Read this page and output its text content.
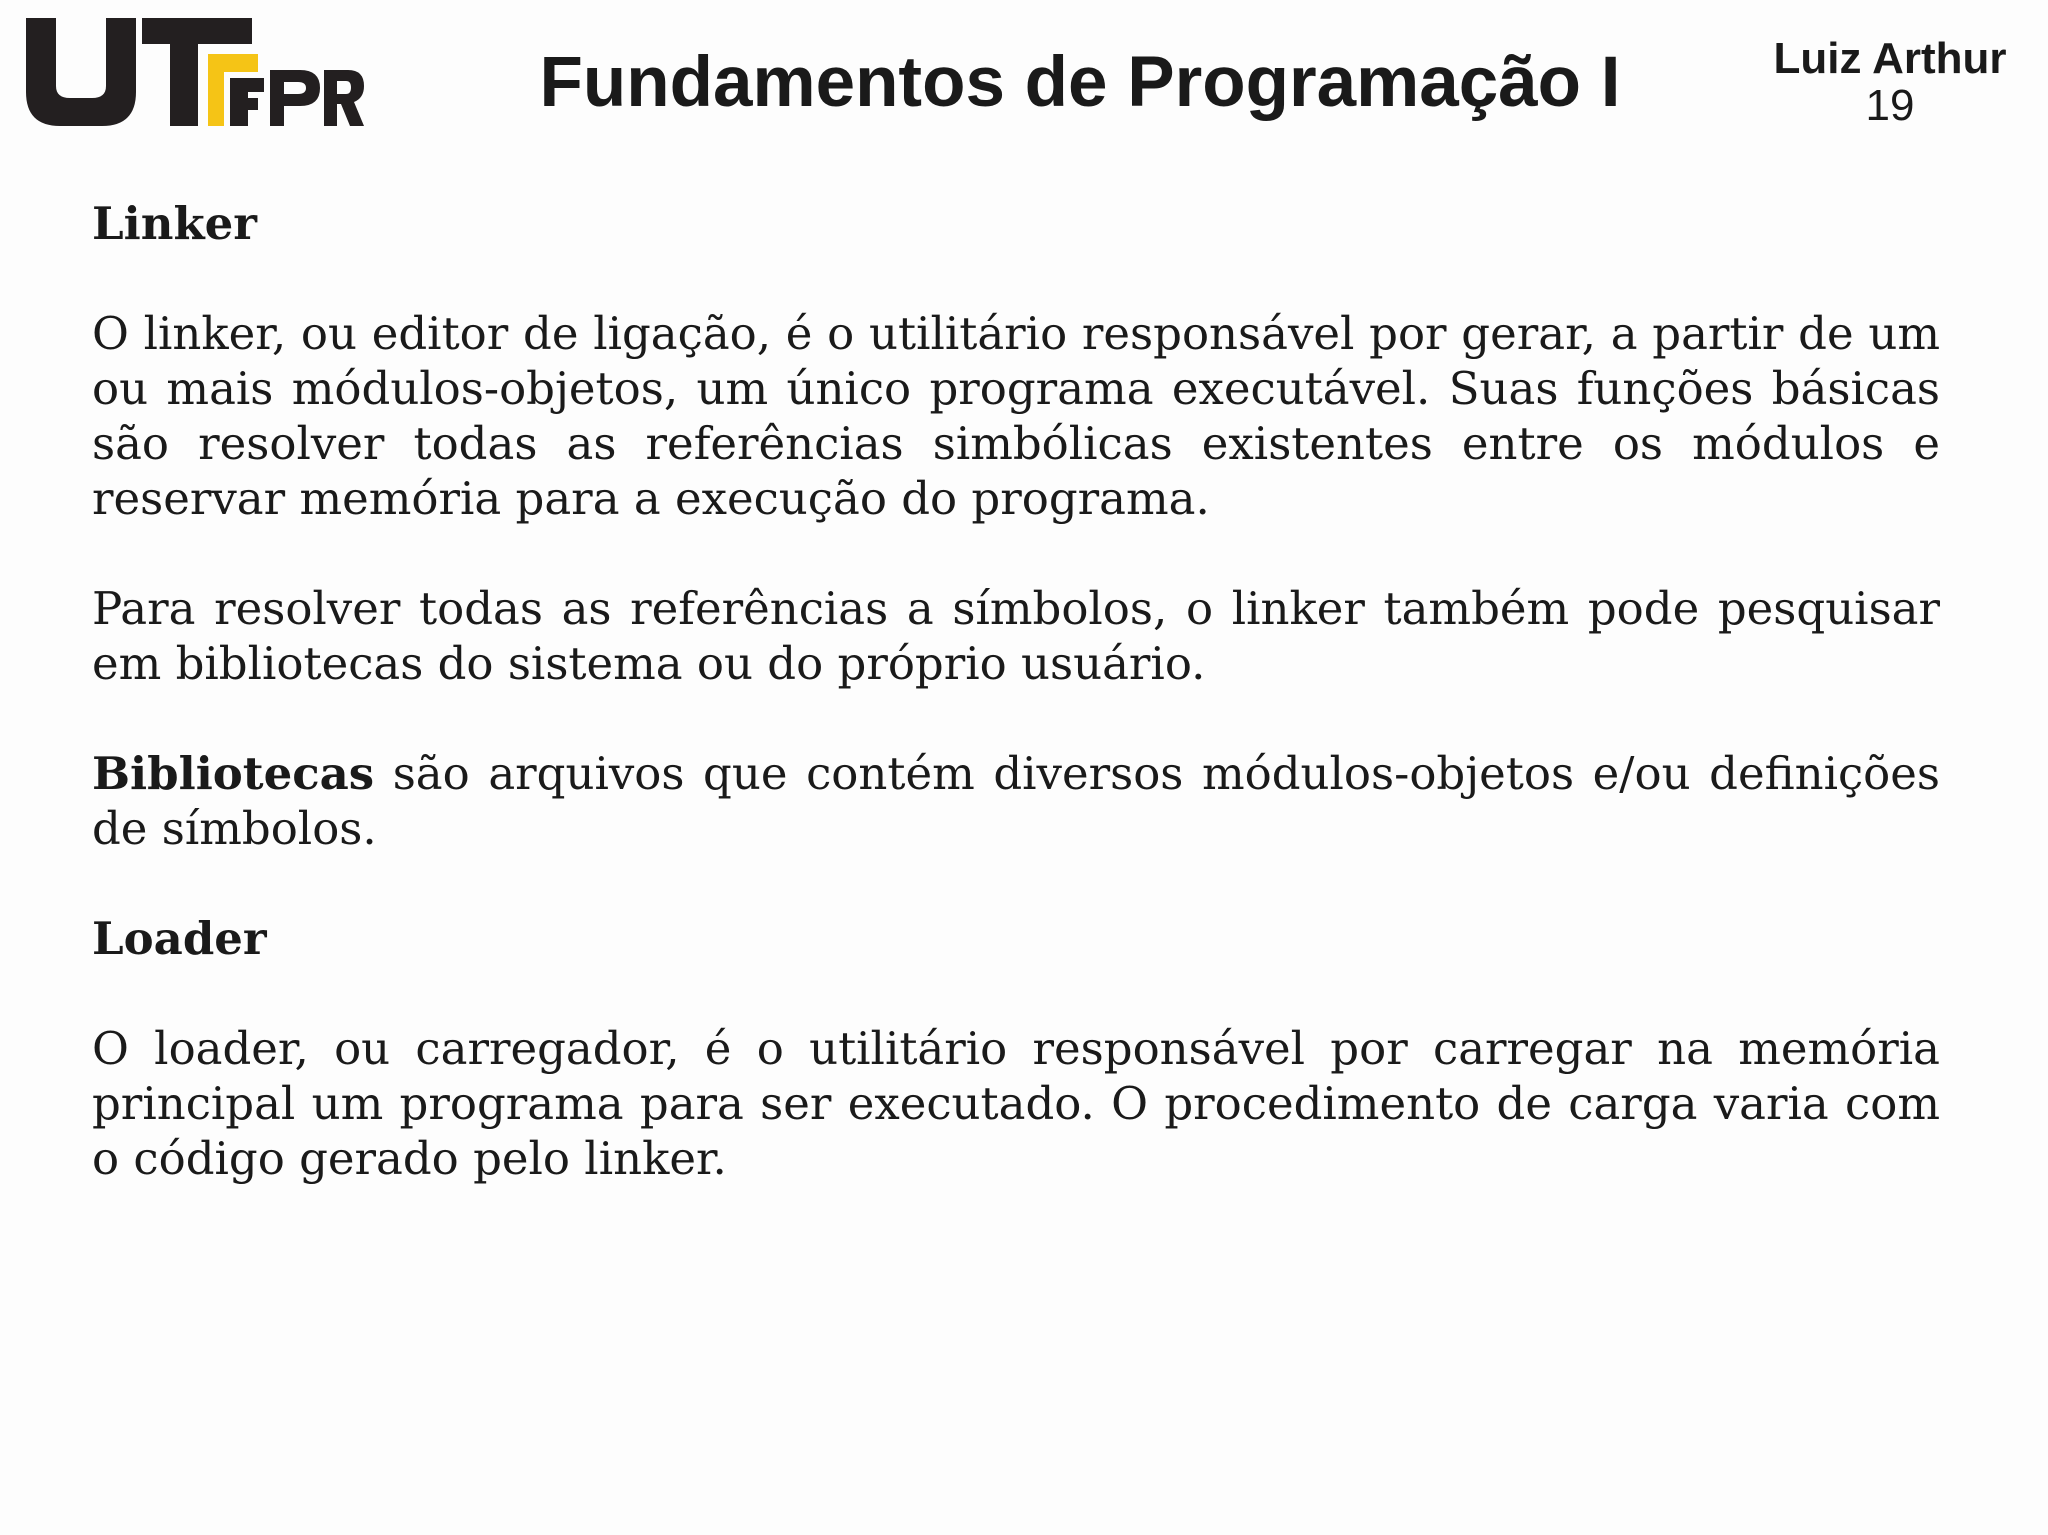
Fundamentos de Programação I	Luiz Arthur
19
Linker

O linker, ou editor de ligação, é o utilitário responsável por gerar, a partir de um ou mais módulos-objetos, um único programa executável. Suas funções básicas são resolver todas as referências simbólicas existentes entre os módulos e reservar memória para a execução do programa.

Para resolver todas as referências a símbolos, o linker também pode pesquisar em bibliotecas do sistema ou do próprio usuário.

Bibliotecas são arquivos que contém diversos módulos-objetos e/ou definições de símbolos.

Loader

O loader, ou carregador, é o utilitário responsável por carregar na memória principal um programa para ser executado. O procedimento de carga varia com o código gerado pelo linker.
